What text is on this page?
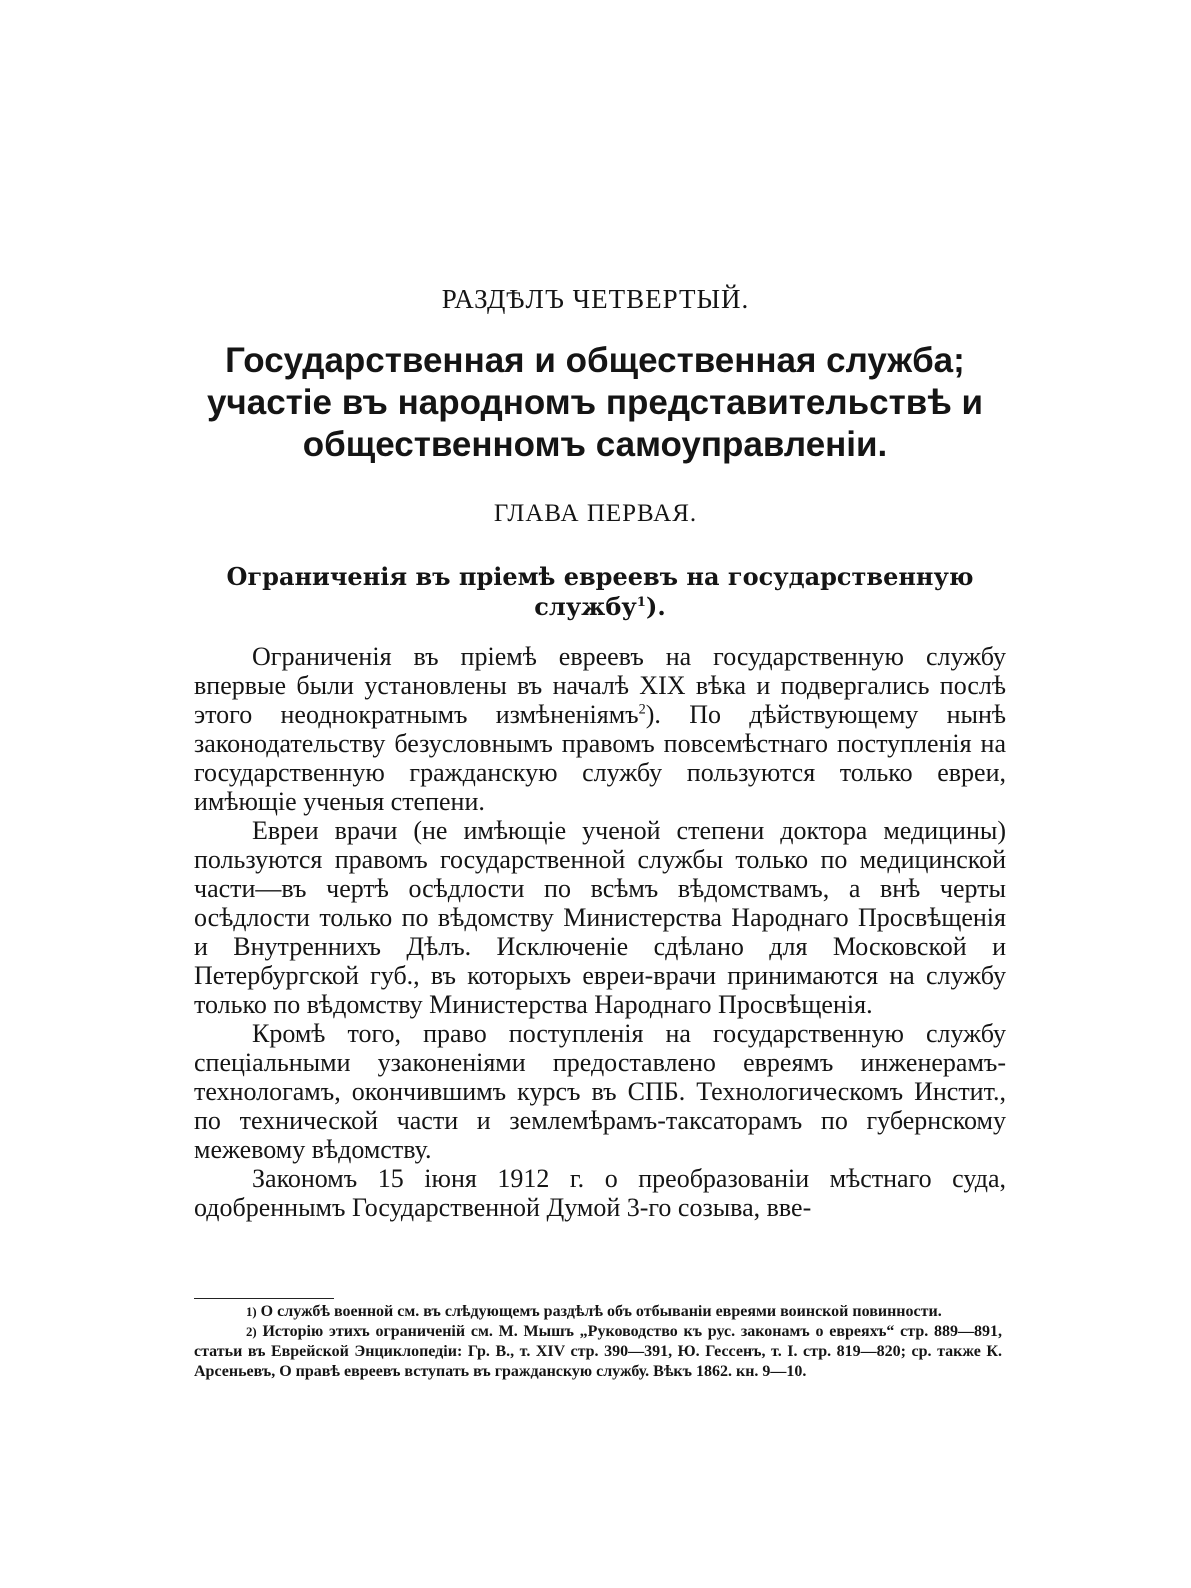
РАЗДѢЛЪ ЧЕТВЕРТЫЙ.
Государственная и общественная служба; участіе въ народномъ представительствѣ и общественномъ самоуправленіи.
ГЛАВА ПЕРВАЯ.
Ограниченія въ пріемѣ евреевъ на государственную службу$^1$).

Ограниченія въ пріемѣ евреевъ на государственную службу впервые были установлены въ началѣ XIX вѣка и подвергались послѣ этого неоднократнымъ измѣненіямъ$^2$). По дѣйствующему нынѣ законодательству безусловнымъ правомъ повсемѣстнаго поступленія на государственную гражданскую службу пользуются только евреи, имѣющіе ученыя степени.

Евреи врачи (не имѣющіе ученой степени доктора медицины) пользуются правомъ государственной службы только по медицинской части—въ чертѣ осѣдлости по всѣмъ вѣдомствамъ, а внѣ черты осѣдлости только по вѣдомству Министерства Народнаго Просвѣщенія и Внутреннихъ Дѣлъ. Исключеніе сдѣлано для Московской и Петербургской губ., въ которыхъ евреи-врачи принимаются на службу только по вѣдомству Министерства Народнаго Просвѣщенія.

Кромѣ того, право поступленія на государственную службу спеціальными узаконеніями предоставлено евреямъ инженерамъ-технологамъ, окончившимъ курсъ въ СПБ. Технологическомъ Инстит., по технической части и землемѣрамъ-таксаторамъ по губернскому межевому вѣдомству.

Закономъ 15 іюня 1912 г. о преобразованіи мѣстнаго суда, одобреннымъ Государственной Думой 3-го созыва, вве-

1) О службѣ военной см. въ слѣдующемъ раздѣлѣ объ отбываніи евреями воинской повинности.

2) Исторію этихъ ограниченій см. М. Мышъ „Руководство къ рус. законамъ о евреяхъ“ стр. 889—891, статьи въ Еврейской Энциклопедіи: Гр. В., т. XIV стр. 390—391, Ю. Гессенъ, т. I. стр. 819—820; ср. также К. Арсеньевъ, О правѣ евреевъ вступать въ гражданскую службу. Вѣкъ 1862. кн. 9—10.
